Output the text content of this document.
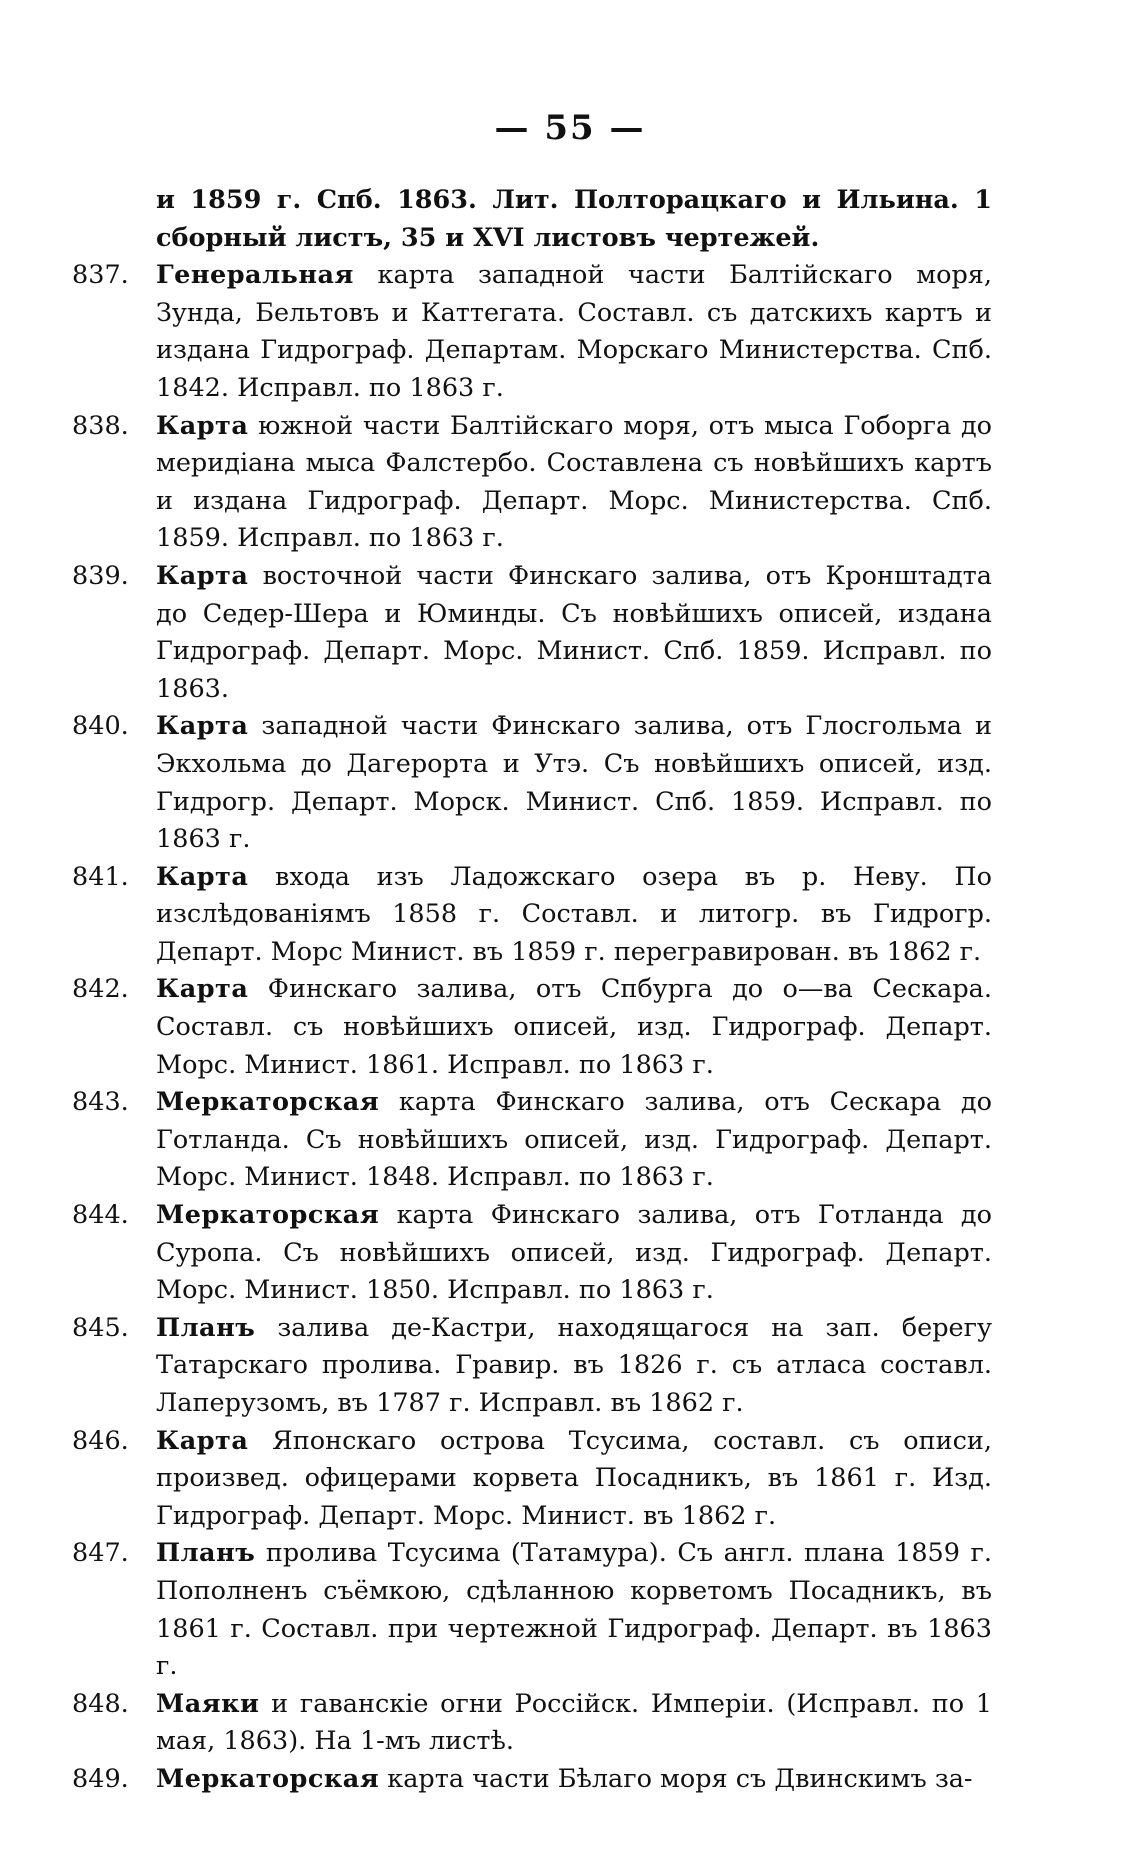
— 55 —
и 1859 г. Спб. 1863. Лит. Полторацкаго и Ильина. 1 сборный листъ, 35 и XVI листовъ чертежей.
837.	Генеральная карта западной части Балтійскаго моря, Зунда, Бельтовъ и Каттегата. Составл. съ датскихъ картъ и издана Гидрограф. Департам. Морскаго Министерства. Спб. 1842. Исправл. по 1863 г.
838.	Карта южной части Балтійскаго моря, отъ мыса Гоборга до меридіана мыса Фалстербо. Составлена съ новѣйшихъ картъ и издана Гидрограф. Департ. Морс. Министерства. Спб. 1859. Исправл. по 1863 г.
839.	Карта восточной части Финскаго залива, отъ Кронштадта до Седер-Шера и Юминды. Съ новѣйшихъ описей, издана Гидрограф. Департ. Морс. Минист. Спб. 1859. Исправл. по 1863.
840.	Карта западной части Финскаго залива, отъ Глосгольма и Экхольма до Дагерорта и Утэ. Съ новѣйшихъ описей, изд. Гидрогр. Департ. Морск. Минист. Спб. 1859. Исправл. по 1863 г.
841.	Карта входа изъ Ладожскаго озера въ р. Неву. По изслѣдованіямъ 1858 г. Составл. и литогр. въ Гидрогр. Департ. Морс Минист. въ 1859 г. перегравирован. въ 1862 г.
842.	Карта Финскаго залива, отъ Спбурга до о—ва Сескара. Составл. съ новѣйшихъ описей, изд. Гидрограф. Департ. Морс. Минист. 1861. Исправл. по 1863 г.
843.	Меркаторская карта Финскаго залива, отъ Сескара до Готланда. Съ новѣйшихъ описей, изд. Гидрограф. Департ. Морс. Минист. 1848. Исправл. по 1863 г.
844.	Меркаторская карта Финскаго залива, отъ Готланда до Суропа. Съ новѣйшихъ описей, изд. Гидрограф. Департ. Морс. Минист. 1850. Исправл. по 1863 г.
845.	Планъ залива де-Кастри, находящагося на зап. берегу Татарскаго пролива. Гравир. въ 1826 г. съ атласа составл. Лаперузомъ, въ 1787 г. Исправл. въ 1862 г.
846.	Карта Японскаго острова Тсусима, составл. съ описи, произвед. офицерами корвета Посадникъ, въ 1861 г. Изд. Гидрограф. Департ. Морс. Минист. въ 1862 г.
847.	Планъ пролива Тсусима (Татамура). Съ англ. плана 1859 г. Пополненъ съёмкою, сдѣланною корветомъ Посадникъ, въ 1861 г. Составл. при чертежной Гидрограф. Департ. въ 1863 г.
848.	Маяки и гаванскіе огни Россійск. Имперіи. (Исправл. по 1 мая, 1863). На 1-мъ листѣ.
849.	Меркаторская карта части Бѣлаго моря съ Двинскимъ за-
